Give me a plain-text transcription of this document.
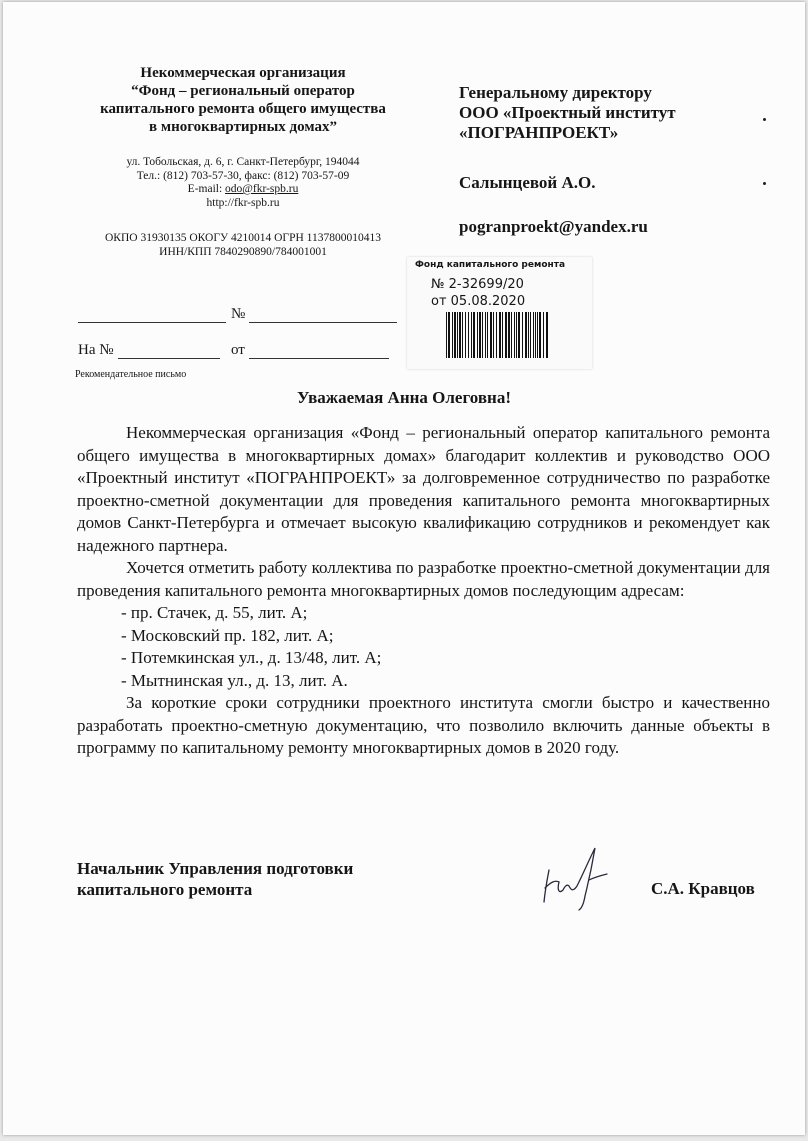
Некоммерческая организация
“Фонд – региональный оператор
капитального ремонта общего имущества
в многоквартирных домах”
ул. Тобольская, д. 6, г. Санкт-Петербург, 194044
Тел.: (812) 703-57-30, факс: (812) 703-57-09
E-mail: odo@fkr-spb.ru
http://fkr-spb.ru
ОКПО 31930135 ОКОГУ 4210014 ОГРН 1137800010413
ИНН/КПП 7840290890/784001001
№
На №	от
Рекомендательное письмо
Генеральному директору
ООО «Проектный институт
«ПОГРАНПРОЕКТ»
Салынцевой А.О.
pogranproekt@yandex.ru
Фонд капитального ремонта
№ 2-32699/20
от 05.08.2020
Уважаемая Анна Олеговна!

Некоммерческая организация «Фонд – региональный оператор капитального ремонта общего имущества в многоквартирных домах» благодарит коллектив и руководство ООО «Проектный институт «ПОГРАНПРОЕКТ» за долговременное сотрудничество по разработке проектно-сметной документации для проведения капитального ремонта многоквартирных домов Санкт-Петербурга и отмечает высокую квалификацию сотрудников и рекомендует как надежного партнера.

Хочется отметить работу коллектива по разработке проектно-сметной документации для проведения капитального ремонта многоквартирных домов последующим адресам:

- пр. Стачек, д. 55, лит. А;
- Московский пр. 182, лит. А;
- Потемкинская ул., д. 13/48, лит. А;
- Мытнинская ул., д. 13, лит. А.

За короткие сроки сотрудники проектного института смогли быстро и качественно разработать проектно-сметную документацию, что позволило включить данные объекты в программу по капитальному ремонту многоквартирных домов в 2020 году.

Начальник Управления подготовки
капитального ремонта	С.А. Кравцов
